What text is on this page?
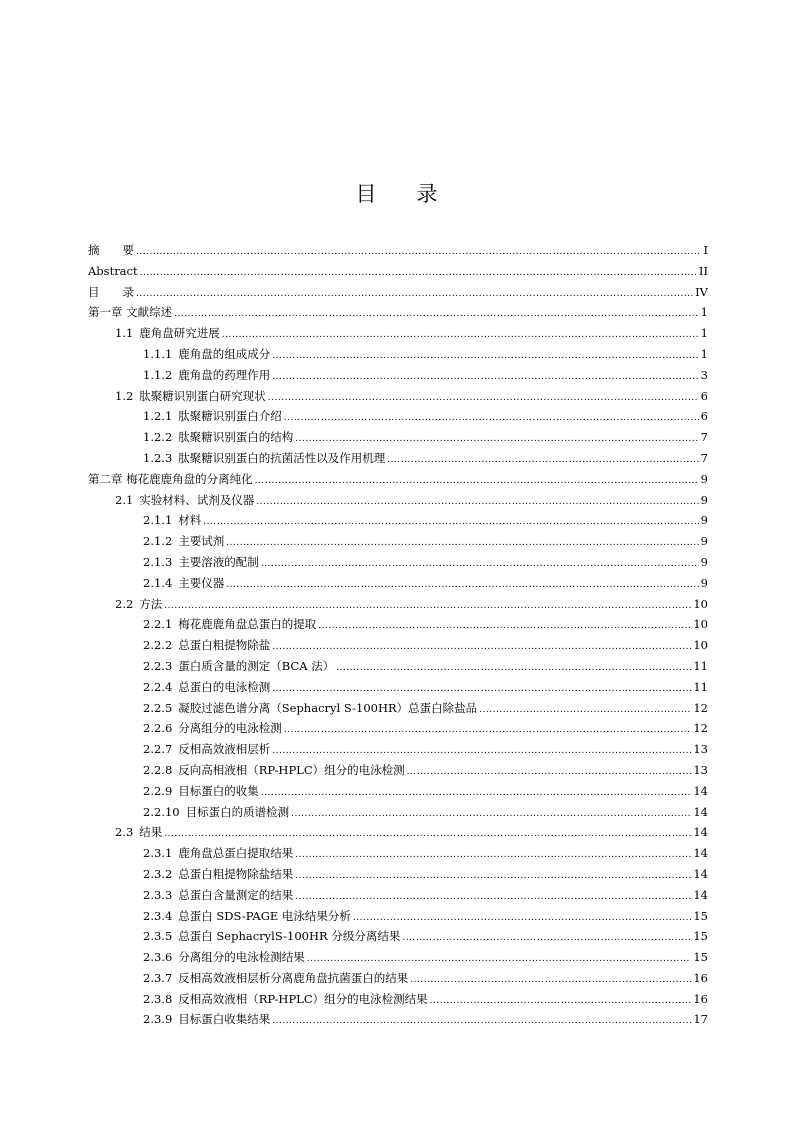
目 录
摘　　要 .....	I
Abstract .....	II
目　　录 .....	IV
第一章 文献综述 .....	1
1.1 鹿角盘研究进展 .....	1
1.1.1 鹿角盘的组成成分 .....	1
1.1.2 鹿角盘的药理作用 .....	3
1.2 肽聚糖识别蛋白研究现状 .....	6
1.2.1 肽聚糖识别蛋白介绍 .....	6
1.2.2 肽聚糖识别蛋白的结构 .....	7
1.2.3 肽聚糖识别蛋白的抗菌活性以及作用机理 .....	7
第二章 梅花鹿鹿角盘的分离纯化 .....	9
2.1 实验材料、试剂及仪器 .....	9
2.1.1 材料 .....	9
2.1.2 主要试剂 .....	9
2.1.3 主要溶液的配制 .....	9
2.1.4 主要仪器 .....	9
2.2 方法 .....	10
2.2.1 梅花鹿鹿角盘总蛋白的提取 .....	10
2.2.2 总蛋白粗提物除盐 .....	10
2.2.3 蛋白质含量的测定（BCA 法） .....	11
2.2.4 总蛋白的电泳检测 .....	11
2.2.5 凝胶过滤色谱分离（Sephacryl S-100HR）总蛋白除盐品 .....	12
2.2.6 分离组分的电泳检测 .....	12
2.2.7 反相高效液相层析 .....	13
2.2.8 反向高相液相（RP-HPLC）组分的电泳检测 .....	13
2.2.9 目标蛋白的收集 .....	14
2.2.10 目标蛋白的质谱检测 .....	14
2.3 结果 .....	14
2.3.1 鹿角盘总蛋白提取结果 .....	14
2.3.2 总蛋白粗提物除盐结果 .....	14
2.3.3 总蛋白含量测定的结果 .....	14
2.3.4 总蛋白 SDS-PAGE 电泳结果分析 .....	15
2.3.5 总蛋白 SephacrylS-100HR 分级分离结果 .....	15
2.3.6 分离组分的电泳检测结果 .....	15
2.3.7 反相高效液相层析分离鹿角盘抗菌蛋白的结果 .....	16
2.3.8 反相高效液相（RP-HPLC）组分的电泳检测结果 .....	16
2.3.9 目标蛋白收集结果 .....	17
